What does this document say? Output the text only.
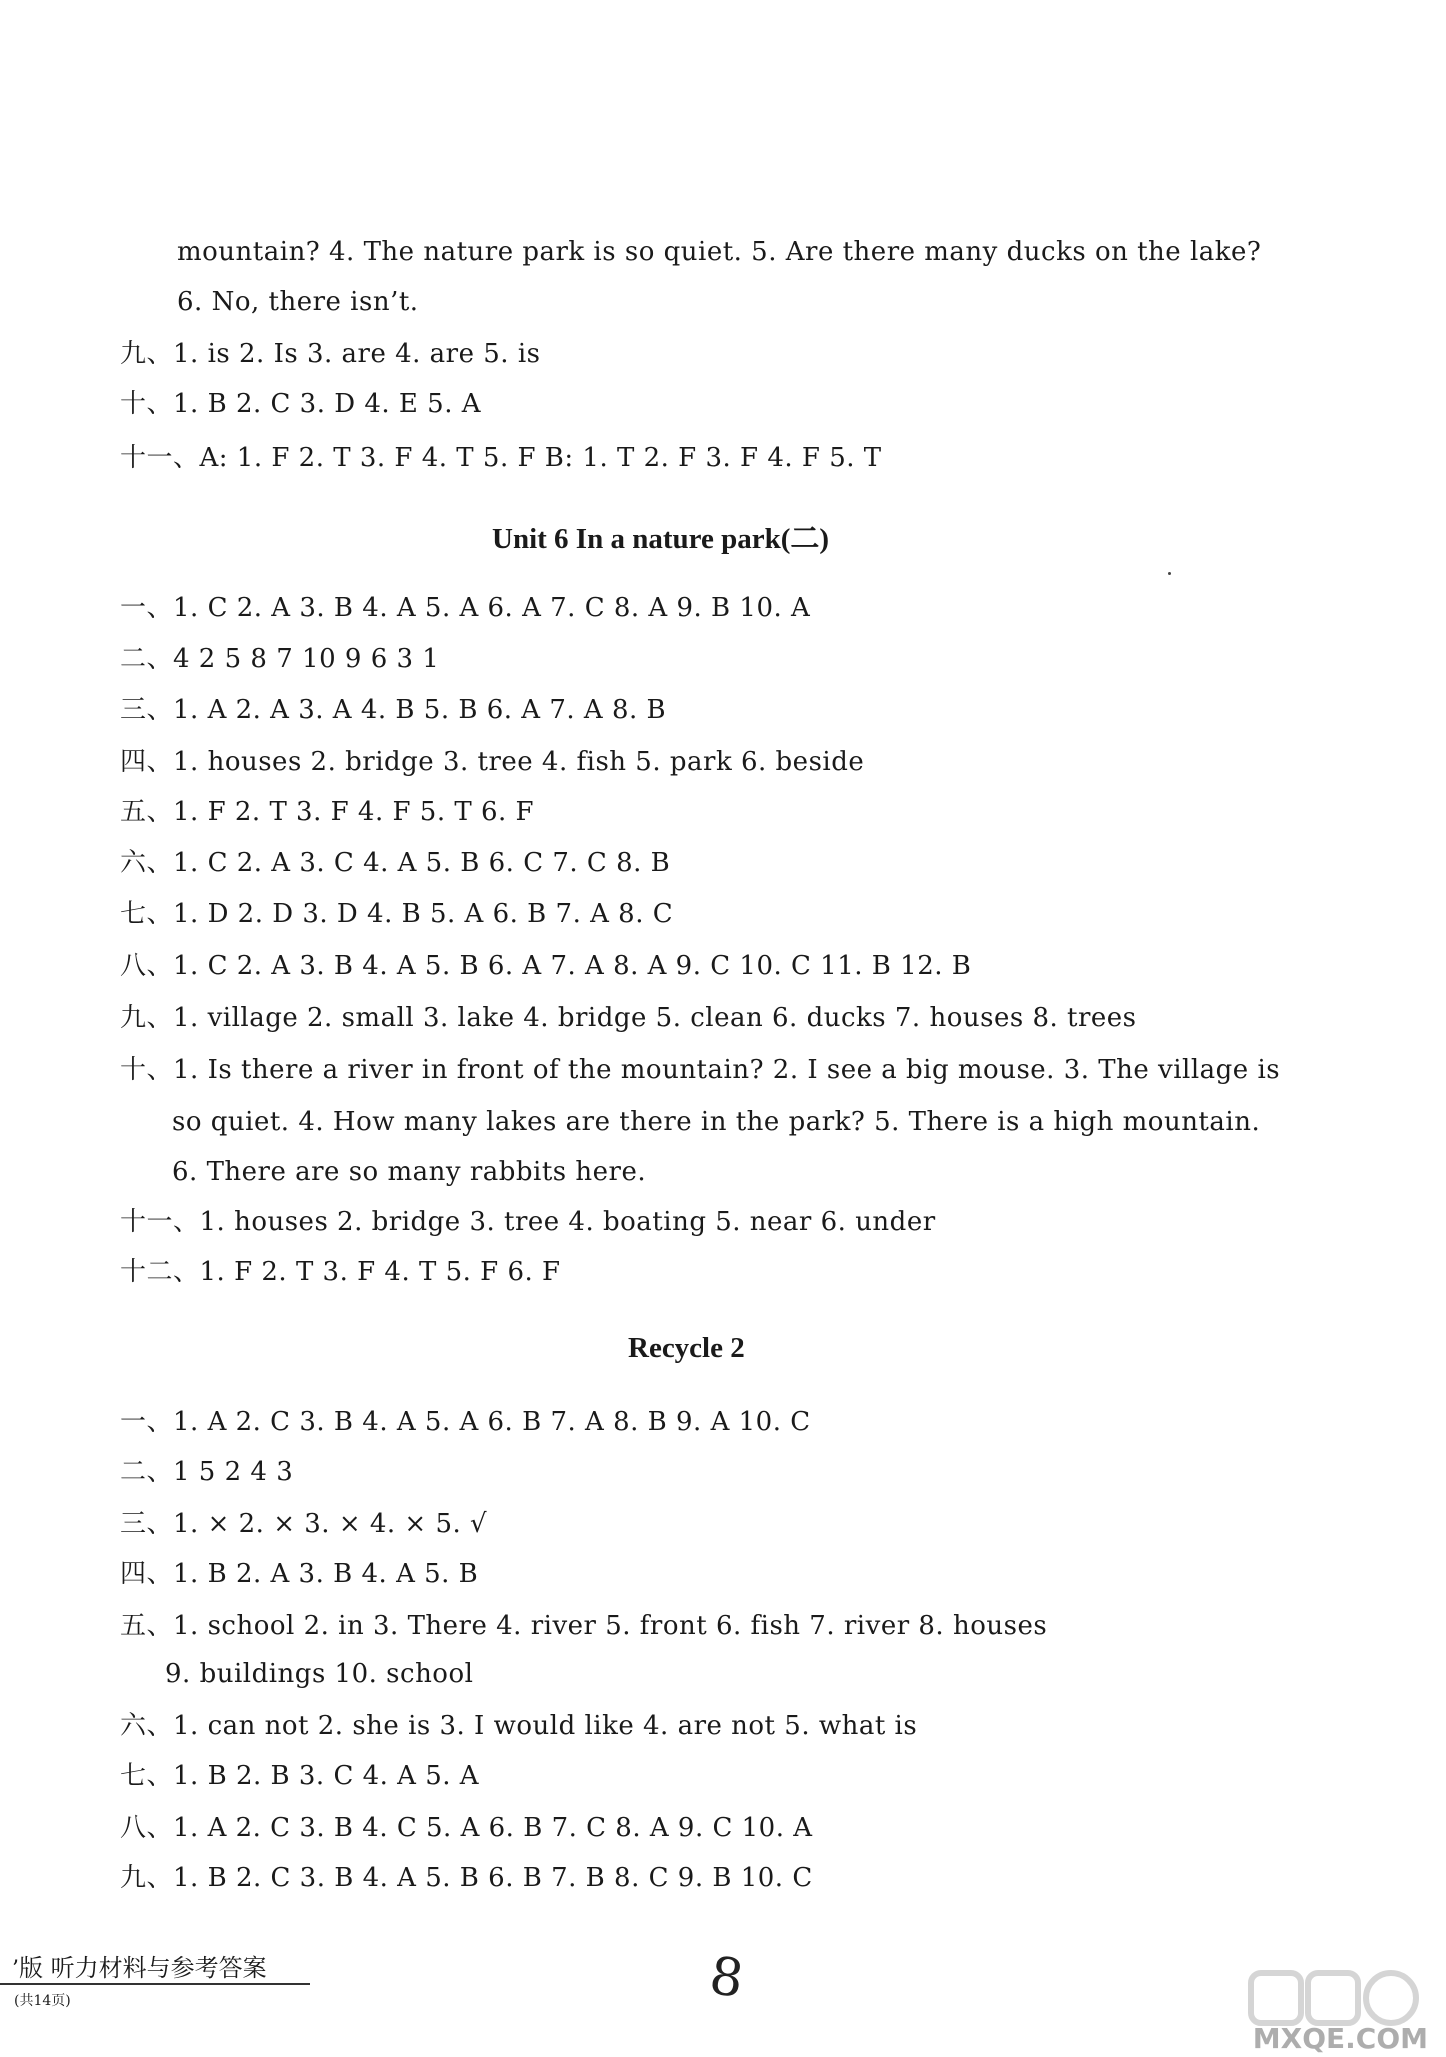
mountain? 4. The nature park is so quiet. 5. Are there many ducks on the lake?
6. No, there isn’t.
九、1. is 2. Is 3. are 4. are 5. is
十、1. B 2. C 3. D 4. E 5. A
十一、A: 1. F 2. T 3. F 4. T 5. F B: 1. T 2. F 3. F 4. F 5. T
Unit 6 In a nature park(二)
一、1. C 2. A 3. B 4. A 5. A 6. A 7. C 8. A 9. B 10. A
二、4 2 5 8 7 10 9 6 3 1
三、1. A 2. A 3. A 4. B 5. B 6. A 7. A 8. B
四、1. houses 2. bridge 3. tree 4. fish 5. park 6. beside
五、1. F 2. T 3. F 4. F 5. T 6. F
六、1. C 2. A 3. C 4. A 5. B 6. C 7. C 8. B
七、1. D 2. D 3. D 4. B 5. A 6. B 7. A 8. C
八、1. C 2. A 3. B 4. A 5. B 6. A 7. A 8. A 9. C 10. C 11. B 12. B
九、1. village 2. small 3. lake 4. bridge 5. clean 6. ducks 7. houses 8. trees
十、1. Is there a river in front of the mountain? 2. I see a big mouse. 3. The village is
so quiet. 4. How many lakes are there in the park? 5. There is a high mountain.
6. There are so many rabbits here.
十一、1. houses 2. bridge 3. tree 4. boating 5. near 6. under
十二、1. F 2. T 3. F 4. T 5. F 6. F
Recycle 2
一、1. A 2. C 3. B 4. A 5. A 6. B 7. A 8. B 9. A 10. C
二、1 5 2 4 3
三、1. × 2. × 3. × 4. × 5. √
四、1. B 2. A 3. B 4. A 5. B
五、1. school 2. in 3. There 4. river 5. front 6. fish 7. river 8. houses
9. buildings 10. school
六、1. can not 2. she is 3. I would like 4. are not 5. what is
七、1. B 2. B 3. C 4. A 5. A
八、1. A 2. C 3. B 4. C 5. A 6. B 7. C 8. A 9. C 10. A
九、1. B 2. C 3. B 4. A 5. B 6. B 7. B 8. C 9. B 10. C
’版 听力材料与参考答案
(共14页)	8
MXQE.COM
